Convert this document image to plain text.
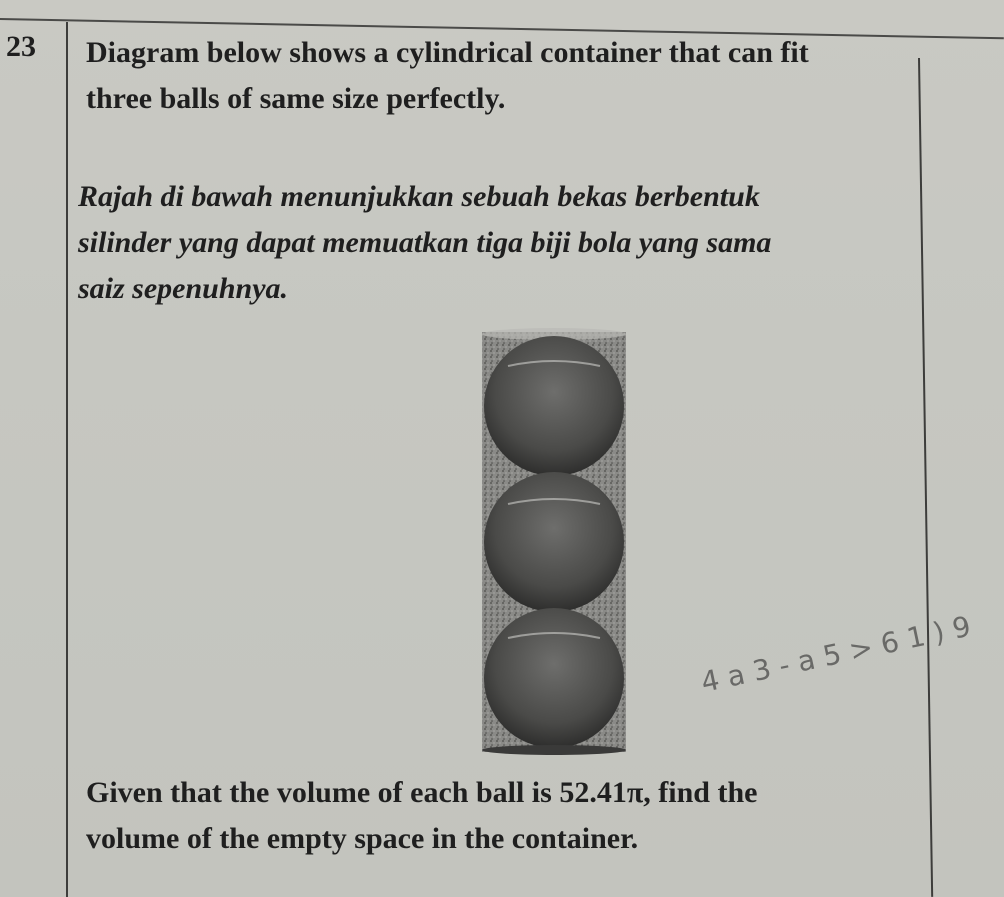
23 Diagram below shows a cylindrical container that can fit
three balls of same size perfectly.

Rajah di bawah menunjukkan sebuah bekas berbentuk
silinder yang dapat memuatkan tiga biji bola yang sama
saiz sepenuhnya.

4 a 3 - a 5 > 6 1 ) 9

Given that the volume of each ball is 52.41π, find the
volume of the empty space in the container.
